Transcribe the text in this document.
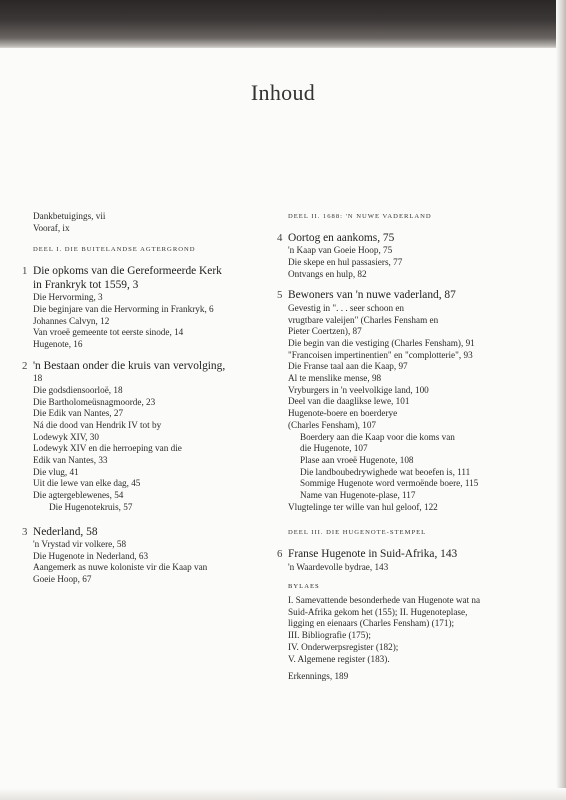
Inhoud
Dankbetuigings, vii
Vooraf, ix
DEEL I. DIE BUITELANDSE AGTERGROND
1 Die opkoms van die Gereformeerde Kerk
in Frankryk tot 1559, 3
Die Hervorming, 3
Die beginjare van die Hervorming in Frankryk, 6
Johannes Calvyn, 12
Van vroeë gemeente tot eerste sinode, 14
Hugenote, 16
2 'n Bestaan onder die kruis van vervolging,
18
Die godsdiensoorloë, 18
Die Bartholomeüsnagmoorde, 23
Die Edik van Nantes, 27
Ná die dood van Hendrik IV tot by
Lodewyk XIV, 30
Lodewyk XIV en die herroeping van die
Edik van Nantes, 33
Die vlug, 41
Uit die lewe van elke dag, 45
Die agtergeblewenes, 54
Die Hugenotekruis, 57
3 Nederland, 58
'n Vrystad vir volkere, 58
Die Hugenote in Nederland, 63
Aangemerk as nuwe koloniste vir die Kaap van
Goeie Hoop, 67
DEEL II. 1688: 'N NUWE VADERLAND
4 Oortog en aankoms, 75
'n Kaap van Goeie Hoop, 75
Die skepe en hul passasiers, 77
Ontvangs en hulp, 82
5 Bewoners van 'n nuwe vaderland, 87
Gevestig in ". . . seer schoon en
vrugtbare valeijen" (Charles Fensham en
Pieter Coertzen), 87
Die begin van die vestiging (Charles Fensham), 91
"Francoisen impertinentien" en "complotterie", 93
Die Franse taal aan die Kaap, 97
Al te menslike mense, 98
Vryburgers in 'n veelvolkige land, 100
Deel van die daaglikse lewe, 101
Hugenote-boere en boerderye
(Charles Fensham), 107
Boerdery aan die Kaap voor die koms van
die Hugenote, 107
Plase aan vroeë Hugenote, 108
Die landboubedrywighede wat beoefen is, 111
Sommige Hugenote word vermoënde boere, 115
Name van Hugenote-plase, 117
Vlugtelinge ter wille van hul geloof, 122
DEEL III. DIE HUGENOTE-STEMPEL
6 Franse Hugenote in Suid-Afrika, 143
'n Waardevolle bydrae, 143
BYLAES
I. Samevattende besonderhede van Hugenote wat na
Suid-Afrika gekom het (155); II. Hugenoteplase,
ligging en eienaars (Charles Fensham) (171);
III. Bibliografie (175);
IV. Onderwerpsregister (182);
V. Algemene register (183).
Erkennings, 189
